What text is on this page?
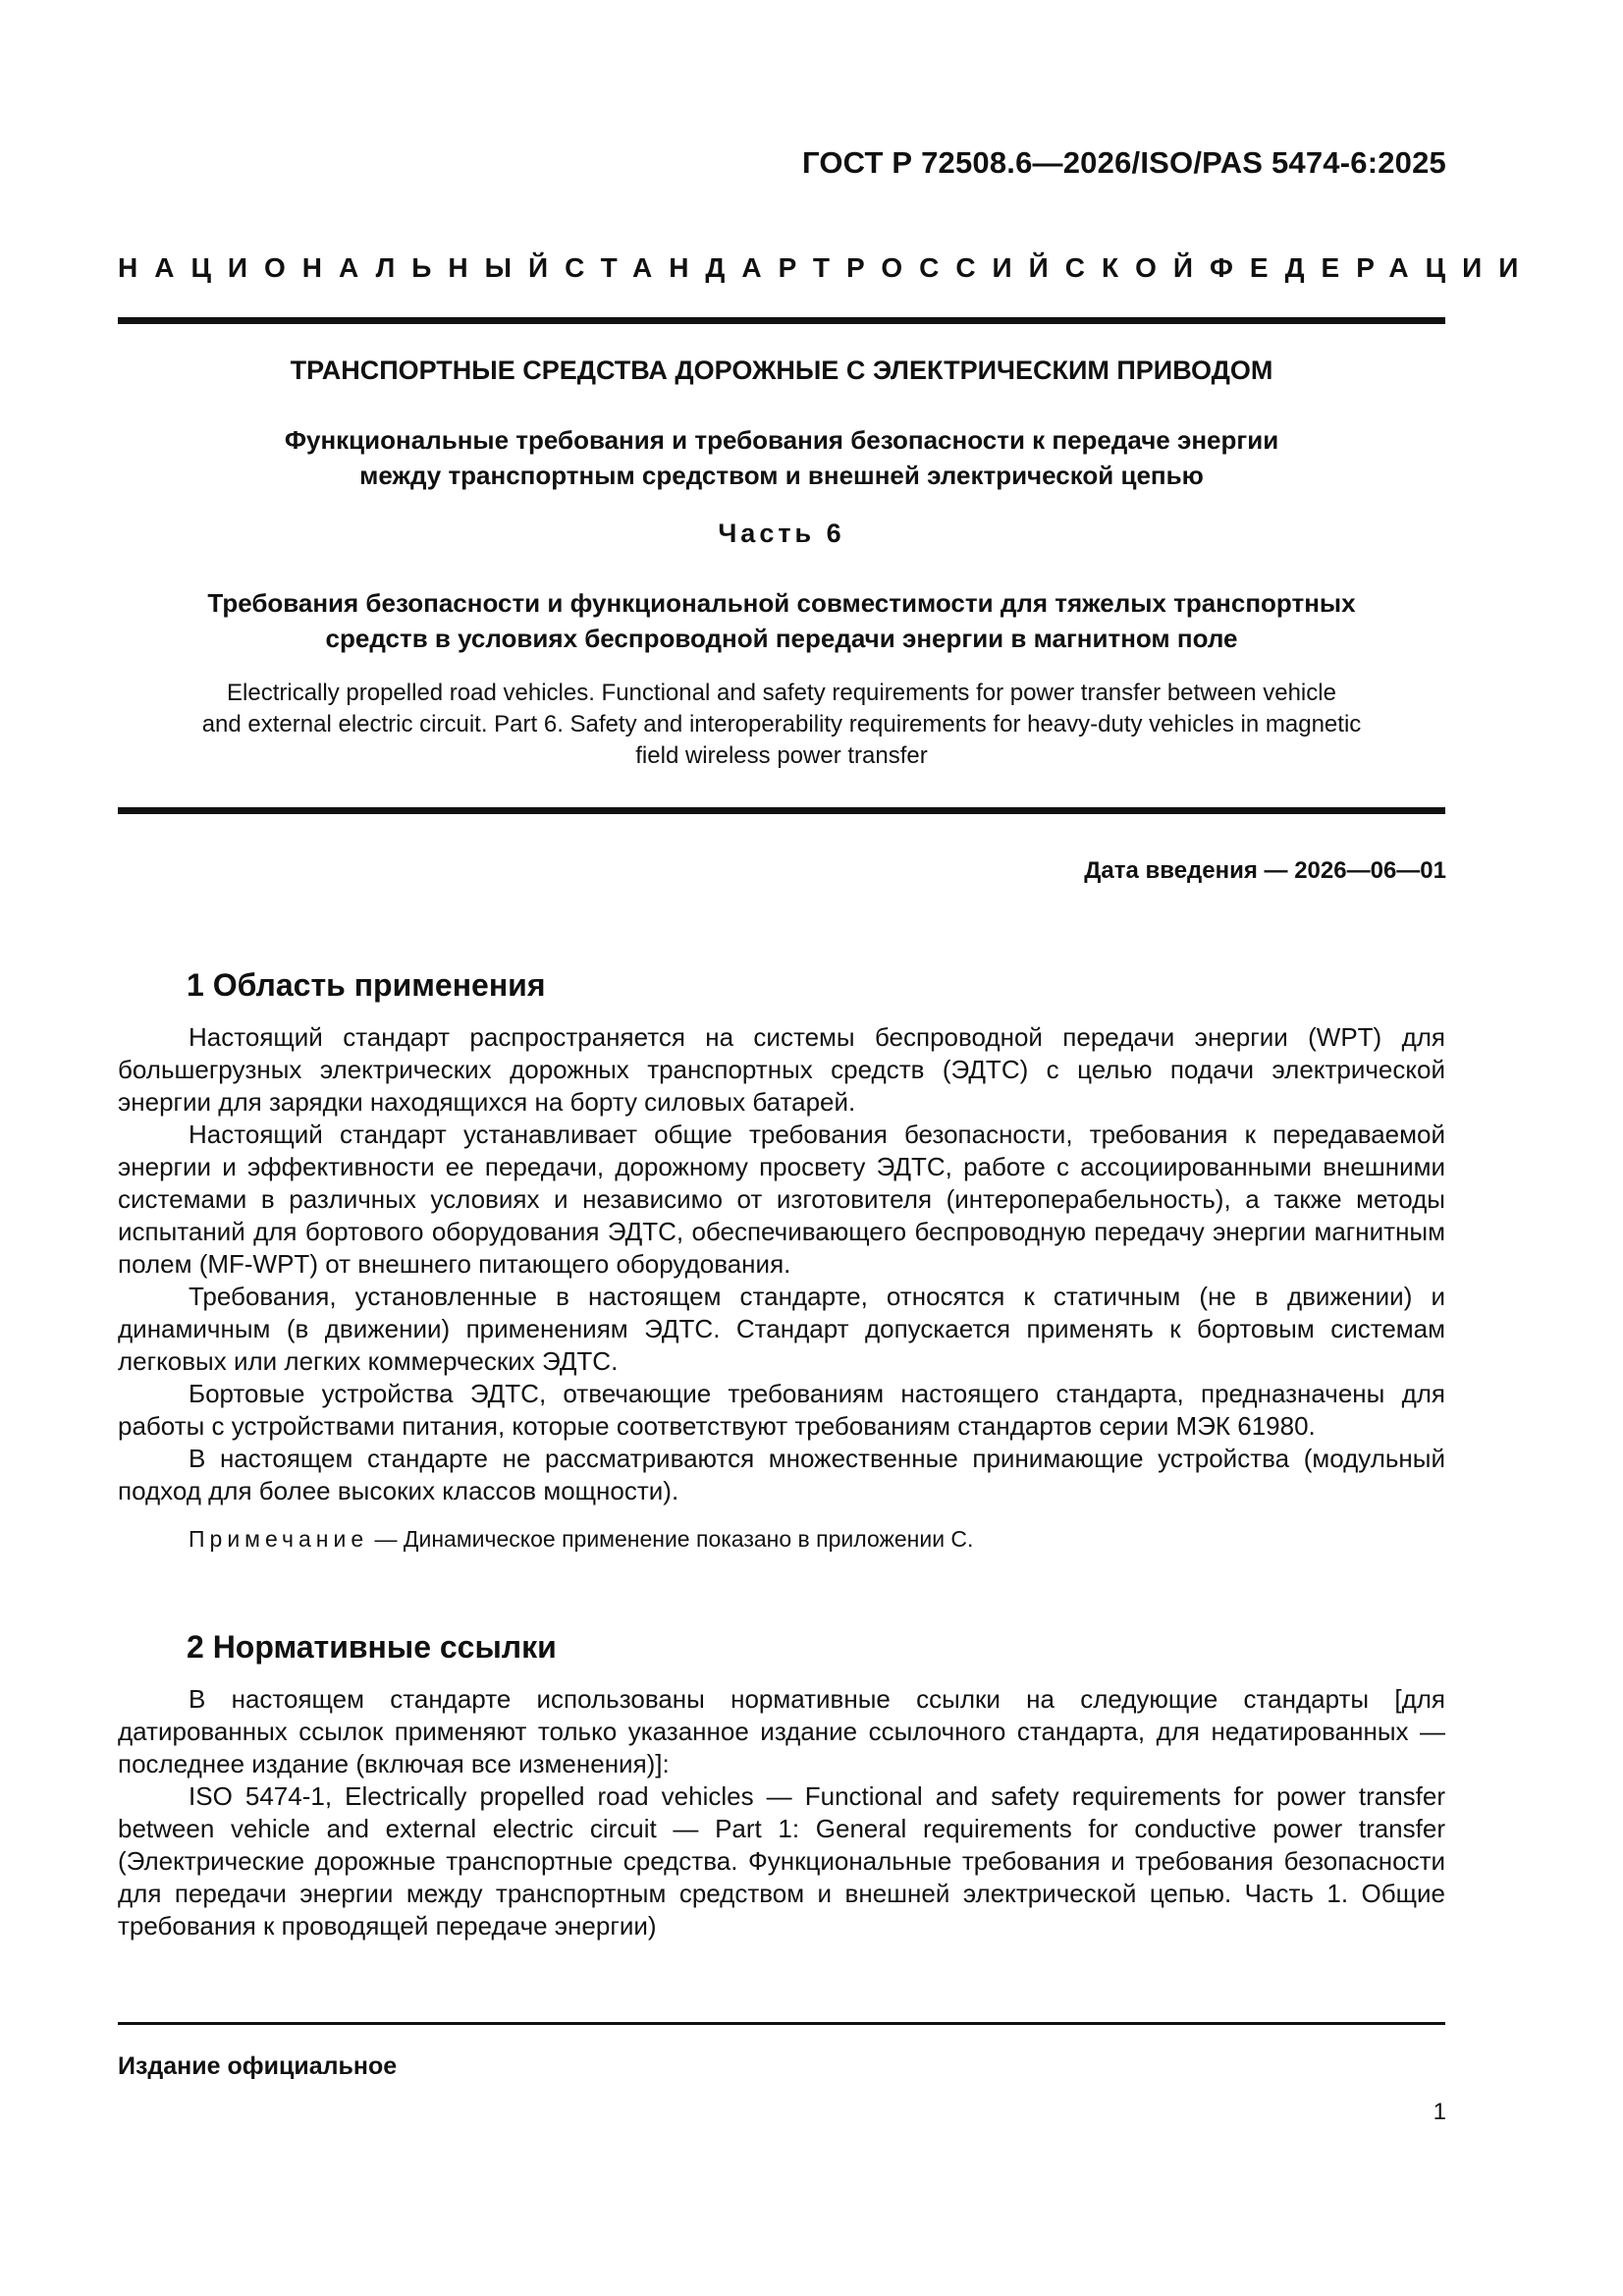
ГОСТ Р 72508.6—2026/ISO/PAS 5474-6:2025
НАЦИОНАЛЬНЫЙ СТАНДАРТ РОССИЙСКОЙ ФЕДЕРАЦИИ
ТРАНСПОРТНЫЕ СРЕДСТВА ДОРОЖНЫЕ С ЭЛЕКТРИЧЕСКИМ ПРИВОДОМ
Функциональные требования и требования безопасности к передаче энергии
между транспортным средством и внешней электрической цепью
Часть 6
Требования безопасности и функциональной совместимости для тяжелых транспортных
средств в условиях беспроводной передачи энергии в магнитном поле
Electrically propelled road vehicles. Functional and safety requirements for power transfer between vehicle
and external electric circuit. Part 6. Safety and interoperability requirements for heavy-duty vehicles in magnetic
field wireless power transfer
Дата введения — 2026—06—01
1 Область применения

Настоящий стандарт распространяется на системы беспроводной передачи энергии (WPT) для большегрузных электрических дорожных транспортных средств (ЭДТС) с целью подачи электрической энергии для зарядки находящихся на борту силовых батарей.

Настоящий стандарт устанавливает общие требования безопасности, требования к передаваемой энергии и эффективности ее передачи, дорожному просвету ЭДТС, работе с ассоциированными внешними системами в различных условиях и независимо от изготовителя (интероперабельность), а также методы испытаний для бортового оборудования ЭДТС, обеспечивающего беспроводную передачу энергии магнитным полем (MF-WPT) от внешнего питающего оборудования.

Требования, установленные в настоящем стандарте, относятся к статичным (не в движении) и динамичным (в движении) применениям ЭДТС. Стандарт допускается применять к бортовым системам легковых или легких коммерческих ЭДТС.

Бортовые устройства ЭДТС, отвечающие требованиям настоящего стандарта, предназначены для работы с устройствами питания, которые соответствуют требованиям стандартов серии МЭК 61980.

В настоящем стандарте не рассматриваются множественные принимающие устройства (модульный подход для более высоких классов мощности).

Примечание — Динамическое применение показано в приложении С.
2 Нормативные ссылки

В настоящем стандарте использованы нормативные ссылки на следующие стандарты [для датированных ссылок применяют только указанное издание ссылочного стандарта, для недатированных — последнее издание (включая все изменения)]:

ISO 5474-1, Electrically propelled road vehicles — Functional and safety requirements for power transfer between vehicle and external electric circuit — Part 1: General requirements for conductive power transfer (Электрические дорожные транспортные средства. Функциональные требования и требования безопасности для передачи энергии между транспортным средством и внешней электрической цепью. Часть 1. Общие требования к проводящей передаче энергии)

Издание официальное
1
